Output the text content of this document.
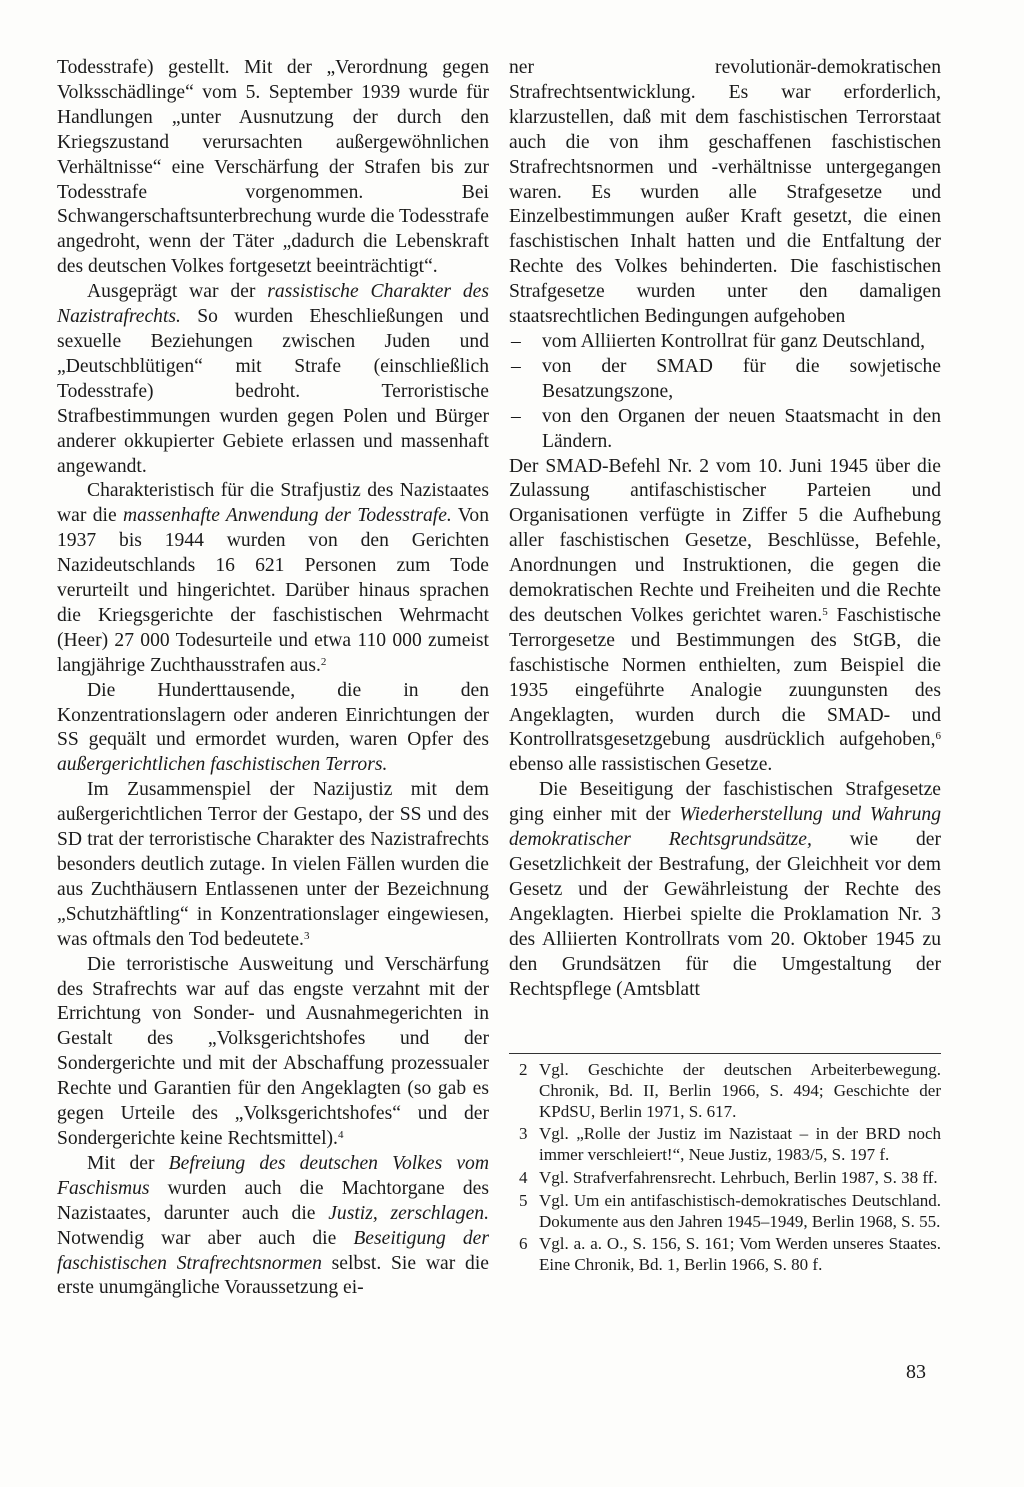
Todesstrafe) gestellt. Mit der „Verordnung gegen Volksschädlinge“ vom 5. September 1939 wurde für Handlungen „unter Ausnutzung der durch den Kriegszustand verursachten außergewöhnlichen Verhältnisse“ eine Verschärfung der Strafen bis zur Todesstrafe vorgenommen. Bei Schwangerschaftsunterbrechung wurde die Todesstrafe angedroht, wenn der Täter „dadurch die Lebenskraft des deutschen Volkes fortgesetzt beeinträchtigt“.

Ausgeprägt war der rassistische Charakter des Nazistrafrechts. So wurden Eheschließungen und sexuelle Beziehungen zwischen Juden und „Deutschblütigen“ mit Strafe (einschließlich Todesstrafe) bedroht. Terroristische Strafbestimmungen wurden gegen Polen und Bürger anderer okkupierter Gebiete erlassen und massenhaft angewandt.

Charakteristisch für die Strafjustiz des Nazistaates war die massenhafte Anwendung der Todesstrafe. Von 1937 bis 1944 wurden von den Gerichten Nazideutschlands 16 621 Personen zum Tode verurteilt und hingerichtet. Darüber hinaus sprachen die Kriegsgerichte der faschistischen Wehrmacht (Heer) 27 000 Todesurteile und etwa 110 000 zumeist langjährige Zuchthausstrafen aus.$^2$

Die Hunderttausende, die in den Konzentrationslagern oder anderen Einrichtungen der SS gequält und ermordet wurden, waren Opfer des außergerichtlichen faschistischen Terrors.

Im Zusammenspiel der Nazijustiz mit dem außergerichtlichen Terror der Gestapo, der SS und des SD trat der terroristische Charakter des Nazistrafrechts besonders deutlich zutage. In vielen Fällen wurden die aus Zuchthäusern Entlassenen unter der Bezeichnung „Schutzhäftling“ in Konzentrationslager eingewiesen, was oftmals den Tod bedeutete.$^3$

Die terroristische Ausweitung und Verschärfung des Strafrechts war auf das engste verzahnt mit der Errichtung von Sonder- und Ausnahmegerichten in Gestalt des „Volksgerichtshofes und der Sondergerichte und mit der Abschaffung prozessualer Rechte und Garantien für den Angeklagten (so gab es gegen Urteile des „Volksgerichtshofes“ und der Sondergerichte keine Rechtsmittel).$^4$

Mit der Befreiung des deutschen Volkes vom Faschismus wurden auch die Machtorgane des Nazistaates, darunter auch die Justiz, zerschlagen. Notwendig war aber auch die Beseitigung der faschistischen Strafrechtsnormen selbst. Sie war die erste unumgängliche Voraussetzung ei-

ner revolutionär-demokratischen Strafrechtsentwicklung. Es war erforderlich, klarzustellen, daß mit dem faschistischen Terrorstaat auch die von ihm geschaffenen faschistischen Strafrechtsnormen und -verhältnisse untergegangen waren. Es wurden alle Strafgesetze und Einzelbestimmungen außer Kraft gesetzt, die einen faschistischen Inhalt hatten und die Entfaltung der Rechte des Volkes behinderten. Die faschistischen Strafgesetze wurden unter den damaligen staatsrechtlichen Bedingungen aufgehoben

– vom Alliierten Kontrollrat für ganz Deutschland,
– von der SMAD für die sowjetische Besatzungszone,
– von den Organen der neuen Staatsmacht in den Ländern.

Der SMAD-Befehl Nr. 2 vom 10. Juni 1945 über die Zulassung antifaschistischer Parteien und Organisationen verfügte in Ziffer 5 die Aufhebung aller faschistischen Gesetze, Beschlüsse, Befehle, Anordnungen und Instruktionen, die gegen die demokratischen Rechte und Freiheiten und die Rechte des deutschen Volkes gerichtet waren.$^5$ Faschistische Terrorgesetze und Bestimmungen des StGB, die faschistische Normen enthielten, zum Beispiel die 1935 eingeführte Analogie zuungunsten des Angeklagten, wurden durch die SMAD- und Kontrollratsgesetzgebung ausdrücklich aufgehoben,$^6$ ebenso alle rassistischen Gesetze.

Die Beseitigung der faschistischen Strafgesetze ging einher mit der Wiederherstellung und Wahrung demokratischer Rechtsgrundsätze, wie der Gesetzlichkeit der Bestrafung, der Gleichheit vor dem Gesetz und der Gewährleistung der Rechte des Angeklagten. Hierbei spielte die Proklamation Nr. 3 des Alliierten Kontrollrats vom 20. Oktober 1945 zu den Grundsätzen für die Umgestaltung der Rechtspflege (Amtsblatt

2 Vgl. Geschichte der deutschen Arbeiterbewegung. Chronik, Bd. II, Berlin 1966, S. 494; Geschichte der KPdSU, Berlin 1971, S. 617.
3 Vgl. „Rolle der Justiz im Nazistaat – in der BRD noch immer verschleiert!“, Neue Justiz, 1983/5, S. 197 f.
4 Vgl. Strafverfahrensrecht. Lehrbuch, Berlin 1987, S. 38 ff.
5 Vgl. Um ein antifaschistisch-demokratisches Deutschland. Dokumente aus den Jahren 1945–1949, Berlin 1968, S. 55.
6 Vgl. a. a. O., S. 156, S. 161; Vom Werden unseres Staates. Eine Chronik, Bd. 1, Berlin 1966, S. 80 f.
83
